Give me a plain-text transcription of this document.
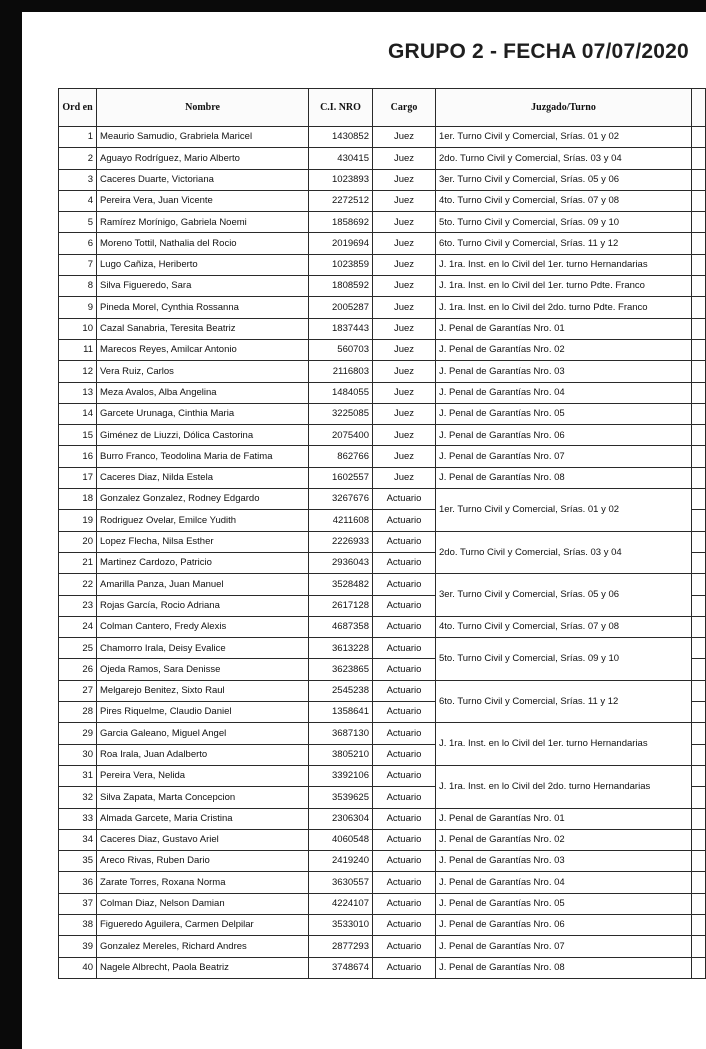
GRUPO 2 - FECHA 07/07/2020
Ord en	Nombre	C.I. NRO	Cargo	Juzgado/Turno	
1	Meaurio Samudio, Grabriela Maricel	1430852	Juez	1er. Turno Civil y Comercial, Srías. 01 y 02	
2	Aguayo Rodríguez, Mario Alberto	430415	Juez	2do. Turno Civil y Comercial, Srías. 03 y 04	
3	Caceres Duarte, Victoriana	1023893	Juez	3er. Turno Civil y Comercial, Srías. 05 y 06	
4	Pereira Vera, Juan Vicente	2272512	Juez	4to. Turno Civil y Comercial, Srías. 07 y 08	
5	Ramírez Morínigo, Gabriela Noemi	1858692	Juez	5to. Turno Civil y Comercial, Srías. 09 y 10	
6	Moreno Tottil, Nathalia del Rocio	2019694	Juez	6to. Turno Civil y Comercial, Srías. 11 y 12	
7	Lugo Cañiza, Heriberto	1023859	Juez	J. 1ra. Inst. en lo Civil del 1er. turno Hernandarias	
8	Silva Figueredo, Sara	1808592	Juez	J. 1ra. Inst. en lo Civil del 1er. turno Pdte. Franco	
9	Pineda Morel, Cynthia Rossanna	2005287	Juez	J. 1ra. Inst. en lo Civil del 2do. turno Pdte. Franco	
10	Cazal Sanabria, Teresita Beatriz	1837443	Juez	J. Penal de Garantías Nro. 01	
11	Marecos Reyes, Amilcar Antonio	560703	Juez	J. Penal de Garantías Nro. 02	
12	Vera Ruiz, Carlos	2116803	Juez	J. Penal de Garantías Nro. 03	
13	Meza Avalos, Alba Angelina	1484055	Juez	J. Penal de Garantías Nro. 04	
14	Garcete Urunaga, Cinthia Maria	3225085	Juez	J. Penal de Garantías Nro. 05	
15	Giménez de Liuzzi, Dólica Castorina	2075400	Juez	J. Penal de Garantías Nro. 06	
16	Burro Franco, Teodolina Maria de Fatima	862766	Juez	J. Penal de Garantías Nro. 07	
17	Caceres Diaz, Nilda Estela	1602557	Juez	J. Penal de Garantías Nro. 08	
18	Gonzalez Gonzalez, Rodney Edgardo	3267676	Actuario	1er. Turno Civil y Comercial, Srías. 01 y 02	
19	Rodriguez Ovelar, Emilce Yudith	4211608	Actuario		
20	Lopez Flecha, Nilsa Esther	2226933	Actuario	2do. Turno Civil y Comercial, Srías. 03 y 04	
21	Martinez Cardozo, Patricio	2936043	Actuario		
22	Amarilla Panza, Juan Manuel	3528482	Actuario	3er. Turno Civil y Comercial, Srías. 05 y 06	
23	Rojas García, Rocio Adriana	2617128	Actuario		
24	Colman Cantero, Fredy Alexis	4687358	Actuario	4to. Turno Civil y Comercial, Srías. 07 y 08	
25	Chamorro Irala, Deisy Evalice	3613228	Actuario	5to. Turno Civil y Comercial, Srías. 09 y 10	
26	Ojeda Ramos, Sara Denisse	3623865	Actuario		
27	Melgarejo Benitez, Sixto Raul	2545238	Actuario	6to. Turno Civil y Comercial, Srías. 11 y 12	
28	Pires Riquelme, Claudio Daniel	1358641	Actuario		
29	Garcia Galeano, Miguel Angel	3687130	Actuario	J. 1ra. Inst. en lo Civil del 1er. turno Hernandarias	
30	Roa Irala, Juan Adalberto	3805210	Actuario		
31	Pereira Vera, Nelida	3392106	Actuario	J. 1ra. Inst. en lo Civil del 2do. turno Hernandarias	
32	Silva Zapata, Marta Concepcion	3539625	Actuario		
33	Almada Garcete, Maria Cristina	2306304	Actuario	J. Penal de Garantías Nro. 01	
34	Caceres Diaz, Gustavo Ariel	4060548	Actuario	J. Penal de Garantías Nro. 02	
35	Areco Rivas, Ruben Dario	2419240	Actuario	J. Penal de Garantías Nro. 03	
36	Zarate Torres, Roxana Norma	3630557	Actuario	J. Penal de Garantías Nro. 04	
37	Colman Diaz, Nelson Damian	4224107	Actuario	J. Penal de Garantías Nro. 05	
38	Figueredo Aguilera, Carmen Delpilar	3533010	Actuario	J. Penal de Garantías Nro. 06	
39	Gonzalez Mereles, Richard Andres	2877293	Actuario	J. Penal de Garantías Nro. 07	
40	Nagele Albrecht, Paola Beatriz	3748674	Actuario	J. Penal de Garantías Nro. 08	
